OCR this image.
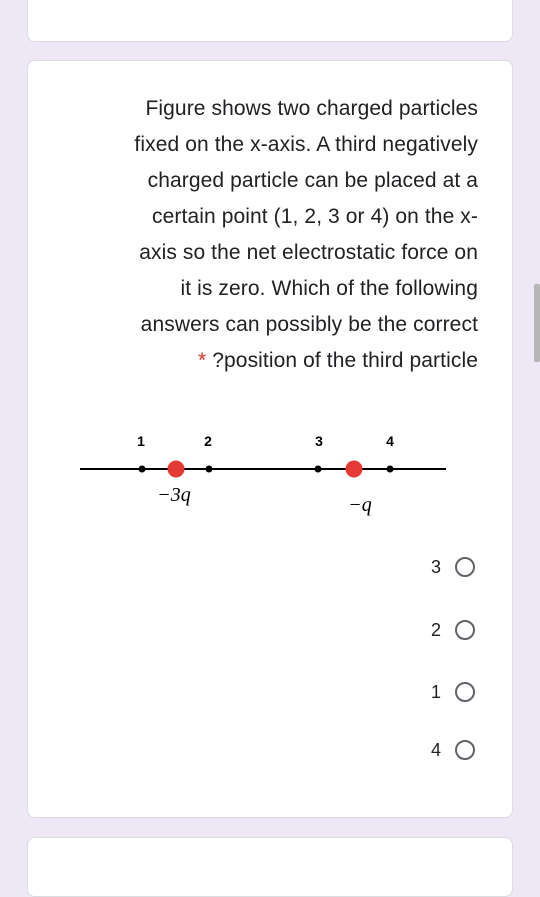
Figure shows two charged particles
fixed on the x-axis. A third negatively
charged particle can be placed at a
certain point (1, 2, 3 or 4) on the x-
axis so the net electrostatic force on
it is zero. Which of the following
answers can possibly be the correct
* ?position of the third particle
1	2	3	4
−3q	−q
3
2
1
4
